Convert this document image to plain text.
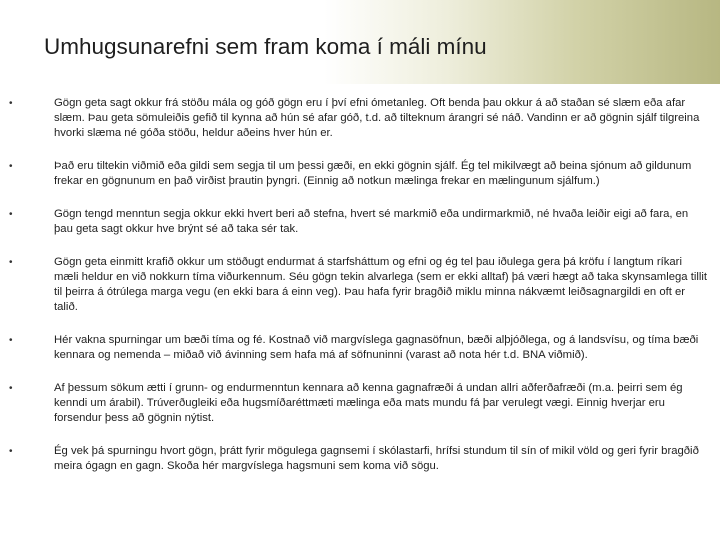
Umhugsunarefni sem fram koma í máli mínu
•	Gögn geta sagt okkur frá stöðu mála og góð gögn eru í því efni ómetanleg. Oft benda þau okkur á að staðan sé slæm eða afar slæm. Þau geta sömuleiðis gefið til kynna að hún sé afar góð, t.d. að tilteknum árangri sé náð. Vandinn er að gögnin sjálf tilgreina hvorki slæma né góða stöðu, heldur aðeins hver hún er.
•	Það eru tiltekin viðmið eða gildi sem segja til um þessi gæði, en ekki gögnin sjálf. Ég tel mikilvægt að beina sjónum að gildunum frekar en gögnunum en það virðist þrautin þyngri. (Einnig að notkun mælinga frekar en mælingunum sjálfum.)
•	Gögn tengd menntun segja okkur ekki hvert beri að stefna, hvert sé markmið eða undirmarkmið, né hvaða leiðir eigi að fara, en þau geta sagt okkur hve brýnt sé að taka sér tak.
•	Gögn geta einmitt krafið okkur um stöðugt endurmat á starfsháttum og efni og ég tel þau iðulega gera þá kröfu í langtum ríkari mæli heldur en við nokkurn tíma viðurkennum. Séu gögn tekin alvarlega (sem er ekki alltaf) þá væri hægt að taka skynsamlega tillit til þeirra á ótrúlega marga vegu (en ekki bara á einn veg). Þau hafa fyrir bragðið miklu minna nákvæmt leiðsagnargildi en oft er talið.
•	Hér vakna spurningar um bæði tíma og fé. Kostnað við margvíslega gagnasöfnun, bæði alþjóðlega, og á landsvísu, og tíma bæði kennara og nemenda – miðað við ávinning sem hafa má af söfnuninni (varast að nota hér t.d. BNA viðmið).
•	Af þessum sökum ætti í grunn- og endurmenntun kennara að kenna gagnafræði á undan allri aðferðafræði (m.a. þeirri sem ég kenndi um árabil). Trúverðugleiki eða hugsmíðaréttmæti mælinga eða mats mundu fá þar verulegt vægi. Einnig hverjar eru forsendur þess að gögnin nýtist.
•	Ég vek þá spurningu hvort gögn, þrátt fyrir mögulega gagnsemi í skólastarfi, hrífsi stundum til sín of mikil völd og geri fyrir bragðið meira ógagn en gagn. Skoða hér margvíslega hagsmuni sem koma við sögu.
